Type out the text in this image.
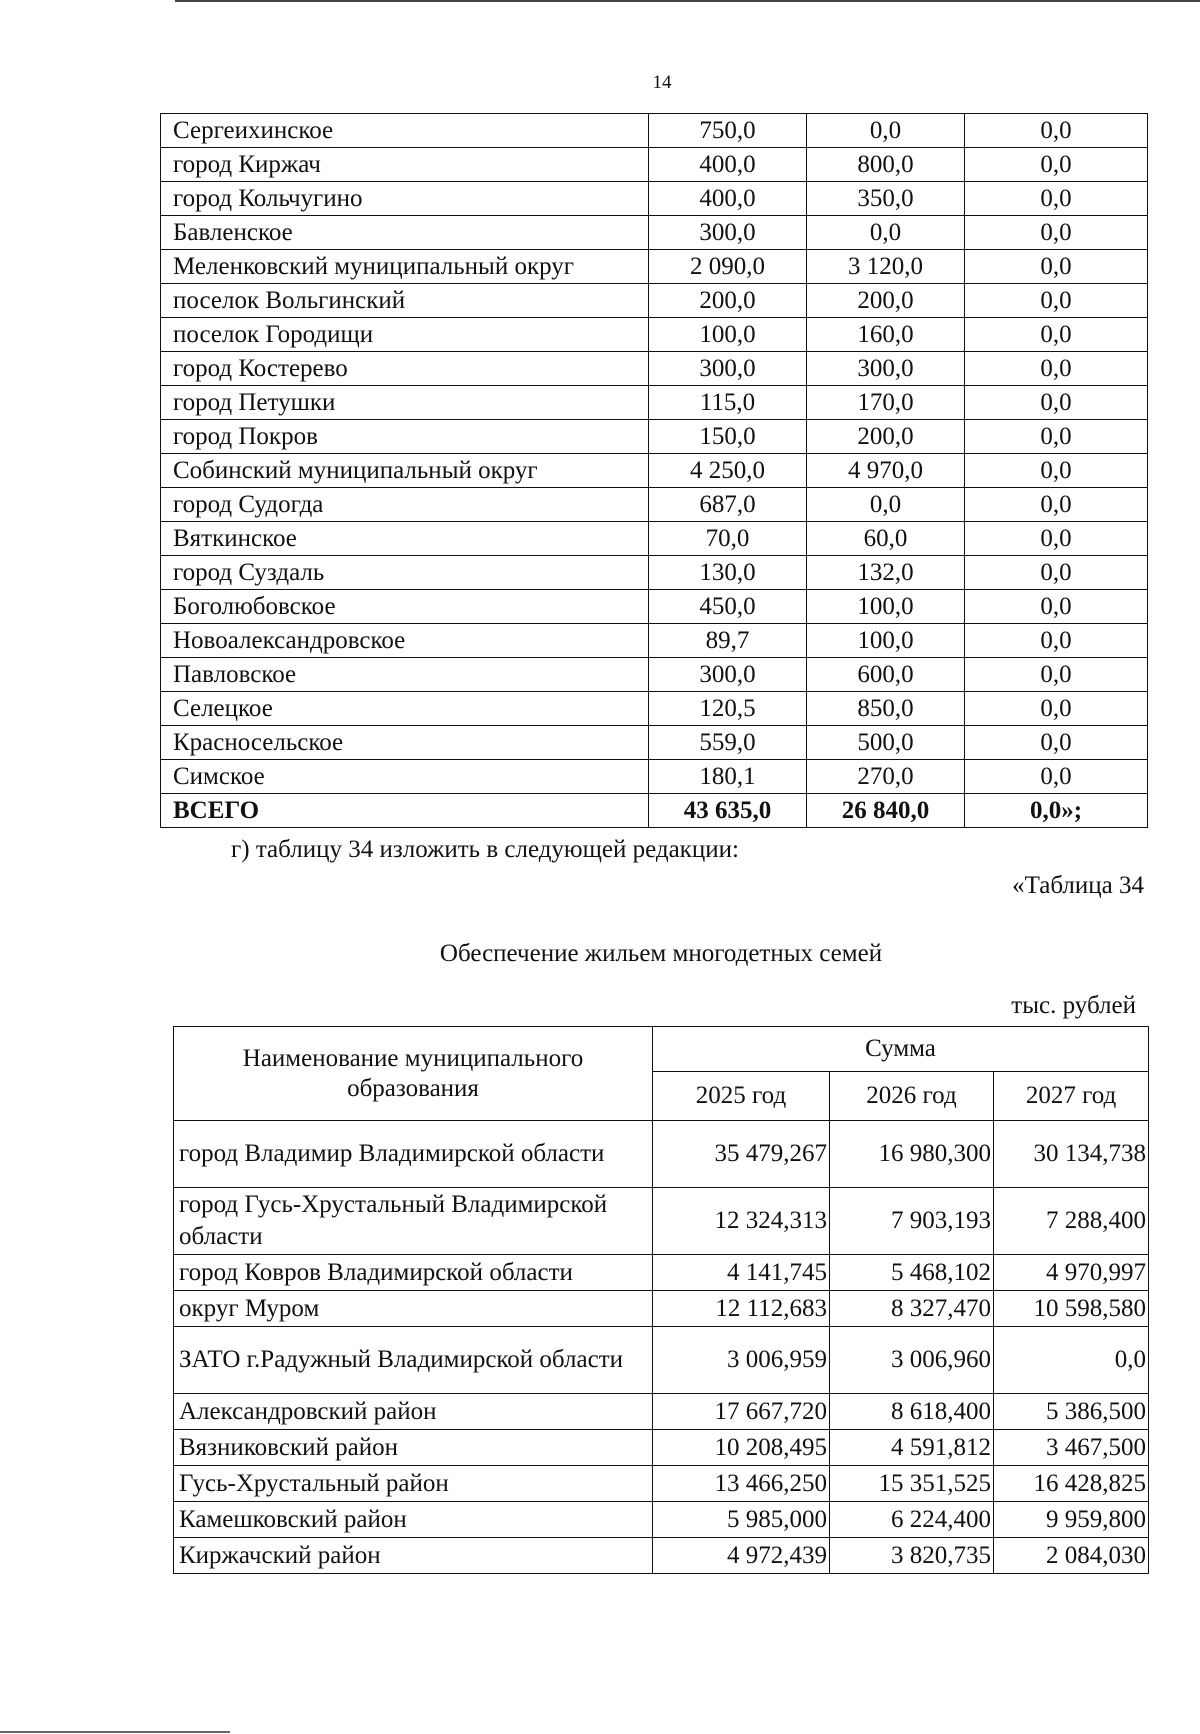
14
Сергеихинское	750,0	0,0	0,0
город Киржач	400,0	800,0	0,0
город Кольчугино	400,0	350,0	0,0
Бавленское	300,0	0,0	0,0
Меленковский муниципальный округ	2 090,0	3 120,0	0,0
поселок Вольгинский	200,0	200,0	0,0
поселок Городищи	100,0	160,0	0,0
город Костерево	300,0	300,0	0,0
город Петушки	115,0	170,0	0,0
город Покров	150,0	200,0	0,0
Собинский муниципальный округ	4 250,0	4 970,0	0,0
город Судогда	687,0	0,0	0,0
Вяткинское	70,0	60,0	0,0
город Суздаль	130,0	132,0	0,0
Боголюбовское	450,0	100,0	0,0
Новоалександровское	89,7	100,0	0,0
Павловское	300,0	600,0	0,0
Селецкое	120,5	850,0	0,0
Красносельское	559,0	500,0	0,0
Симское	180,1	270,0	0,0
ВСЕГО	43 635,0	26 840,0	0,0»;
г) таблицу 34 изложить в следующей редакции:
«Таблица 34
Обеспечение жильем многодетных семей
тыс. рублей
Наименование муниципального образования	Сумма		
	2025 год	2026 год	2027 год
город Владимир Владимирской области	35 479,267	16 980,300	30 134,738
город Гусь-Хрустальный Владимирской области	12 324,313	7 903,193	7 288,400
город Ковров Владимирской области	4 141,745	5 468,102	4 970,997
округ Муром	12 112,683	8 327,470	10 598,580
ЗАТО г.Радужный Владимирской области	3 006,959	3 006,960	0,0
Александровский район	17 667,720	8 618,400	5 386,500
Вязниковский район	10 208,495	4 591,812	3 467,500
Гусь-Хрустальный район	13 466,250	15 351,525	16 428,825
Камешковский район	5 985,000	6 224,400	9 959,800
Киржачский район	4 972,439	3 820,735	2 084,030
